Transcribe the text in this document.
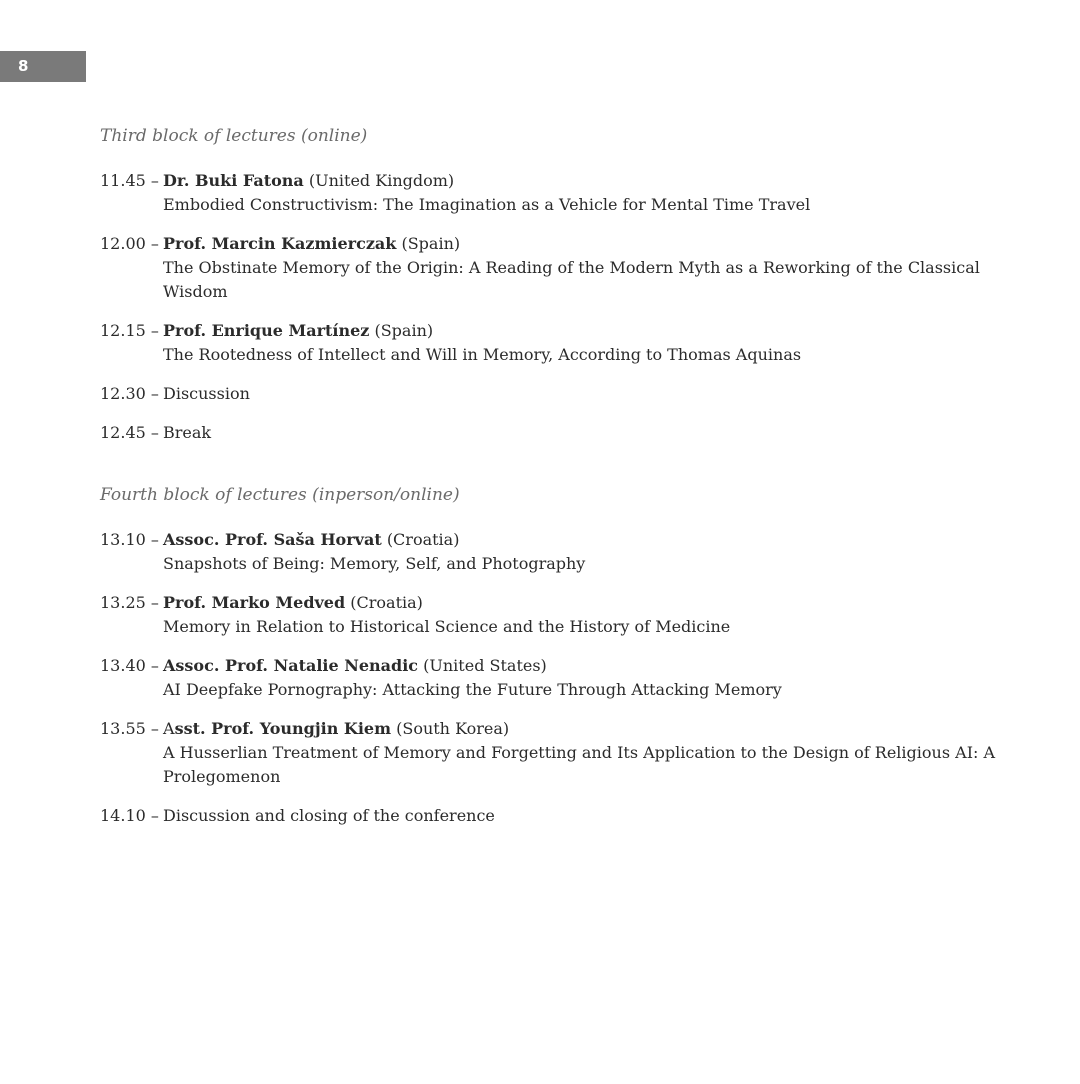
8
Third block of lectures (online)
11.45 – Dr. Buki Fatona (United Kingdom)
Embodied Constructivism: The Imagination as a Vehicle for Mental Time Travel
12.00 – Prof. Marcin Kazmierczak (Spain)
The Obstinate Memory of the Origin: A Reading of the Modern Myth as a Reworking of the Classical Wisdom
12.15 – Prof. Enrique Martínez (Spain)
The Rootedness of Intellect and Will in Memory, According to Thomas Aquinas
12.30 – Discussion
12.45 – Break
Fourth block of lectures (inperson/online)
13.10 – Assoc. Prof. Saša Horvat (Croatia)
Snapshots of Being: Memory, Self, and Photography
13.25 – Prof. Marko Medved (Croatia)
Memory in Relation to Historical Science and the History of Medicine
13.40 – Assoc. Prof. Natalie Nenadic (United States)
AI Deepfake Pornography: Attacking the Future Through Attacking Memory
13.55 – Asst. Prof. Youngjin Kiem (South Korea)
A Husserlian Treatment of Memory and Forgetting and Its Application to the Design of Religious AI: A Prolegomenon
14.10 – Discussion and closing of the conference
